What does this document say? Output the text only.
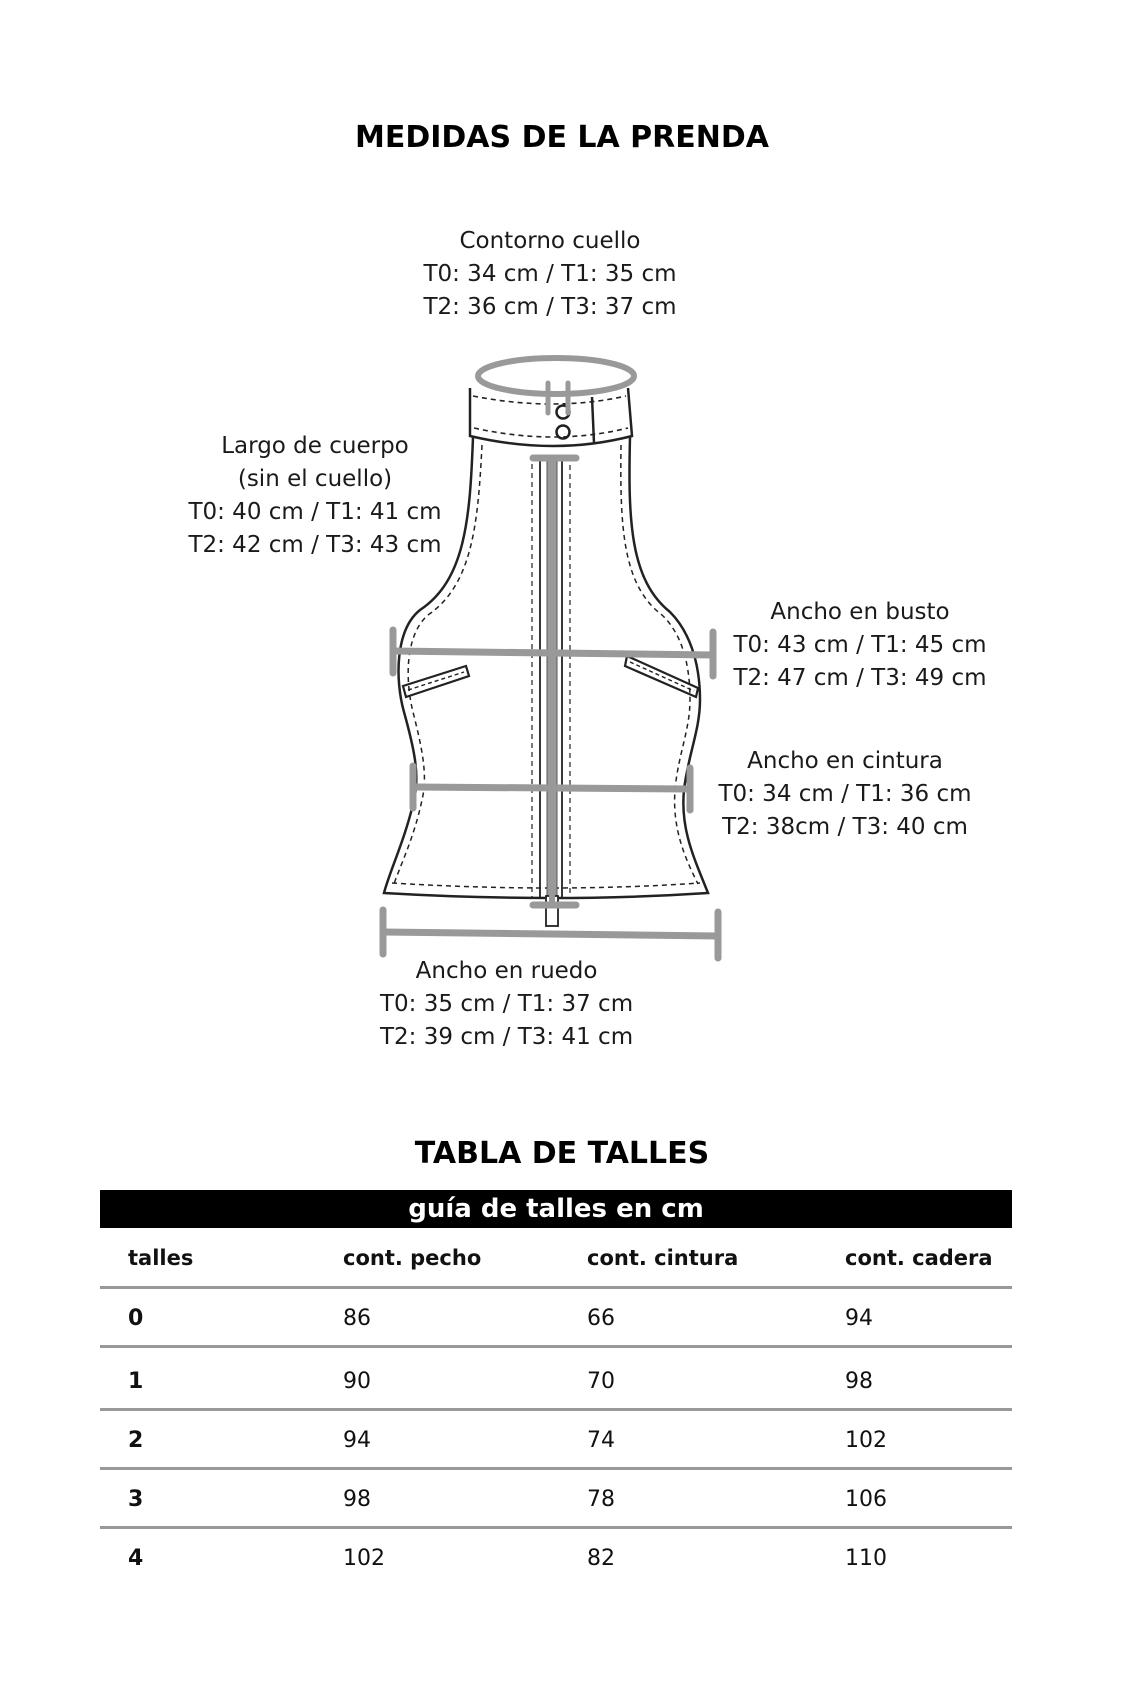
MEDIDAS DE LA PRENDA
Contorno cuello
T0: 34 cm / T1: 35 cm
T2: 36 cm / T3: 37 cm
Largo de cuerpo
(sin el cuello)
T0: 40 cm / T1: 41 cm
T2: 42 cm / T3: 43 cm
Ancho en busto
T0: 43 cm / T1: 45 cm
T2: 47 cm / T3: 49 cm
Ancho en cintura
T0: 34 cm / T1: 36 cm
T2: 38cm / T3: 40 cm
Ancho en ruedo
T0: 35 cm / T1: 37 cm
T2: 39 cm / T3: 41 cm
TABLA DE TALLES
guía de talles en cm
talles	cont. pecho	cont. cintura	cont. cadera
0	86	66	94
1	90	70	98
2	94	74	102
3	98	78	106
4	102	82	110
